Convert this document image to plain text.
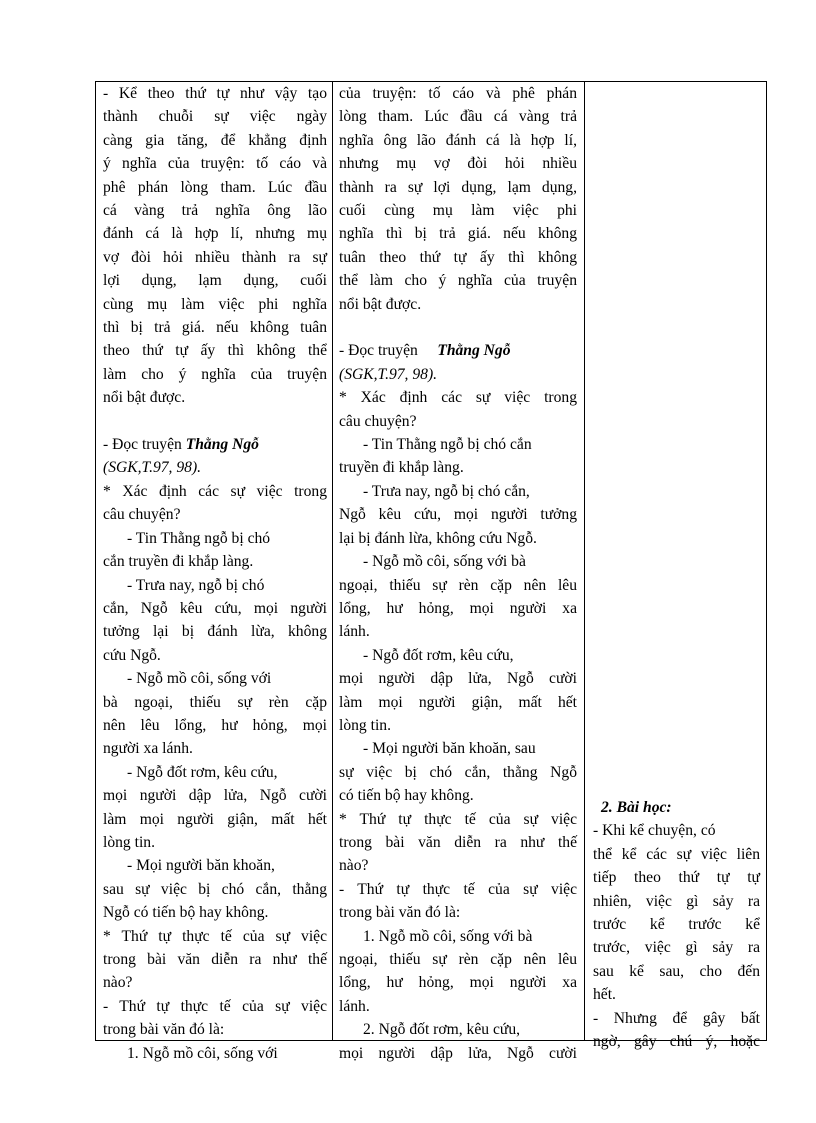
- Kể theo thứ tự như vậy tạo
thành chuỗi sự việc ngày
càng gia tăng, để khẳng định
ý nghĩa của truyện: tố cáo và
phê phán lòng tham. Lúc đầu
cá vàng trả nghĩa ông lão
đánh cá là hợp lí, nhưng mụ
vợ đòi hỏi nhiều thành ra sự
lợi dụng, lạm dụng, cuối
cùng mụ làm việc phi nghĩa
thì bị trả giá. nếu không tuân
theo thứ tự ấy thì không thể
làm cho ý nghĩa của truyện
nổi bật được.
- Đọc truyện Thằng Ngỗ
(SGK,T.97, 98).
* Xác định các sự việc trong
câu chuyện?
- Tin Thằng ngỗ bị chó
cắn truyền đi khắp làng.
- Trưa nay, ngỗ bị chó
cắn, Ngỗ kêu cứu, mọi người
tưởng lại bị đánh lừa, không
cứu Ngỗ.
- Ngỗ mồ côi, sống với
bà ngoại, thiếu sự rèn cặp
nên lêu lổng, hư hỏng, mọi
người xa lánh.
- Ngỗ đốt rơm, kêu cứu,
mọi người dập lửa, Ngỗ cười
làm mọi người giận, mất hết
lòng tin.
- Mọi người băn khoăn,
sau sự việc bị chó cắn, thằng
Ngỗ có tiến bộ hay không.
* Thứ tự thực tế của sự việc
trong bài văn diễn ra như thế
nào?
- Thứ tự thực tế của sự việc
trong bài văn đó là:
1. Ngỗ mồ côi, sống với
của truyện: tố cáo và phê phán
lòng tham. Lúc đầu cá vàng trả
nghĩa ông lão đánh cá là hợp lí,
nhưng mụ vợ đòi hỏi nhiều
thành ra sự lợi dụng, lạm dụng,
cuối cùng mụ làm việc phi
nghĩa thì bị trả giá. nếu không
tuân theo thứ tự ấy thì không
thể làm cho ý nghĩa của truyện
nổi bật được.
- Đọc truyện     Thằng Ngỗ
(SGK,T.97, 98).
* Xác định các sự việc trong
câu chuyện?
- Tin Thằng ngỗ bị chó cắn
truyền đi khắp làng.
- Trưa nay, ngỗ bị chó cắn,
Ngỗ kêu cứu, mọi người tưởng
lại bị đánh lừa, không cứu Ngỗ.
- Ngỗ mồ côi, sống với bà
ngoại, thiếu sự rèn cặp nên lêu
lổng, hư hỏng, mọi người xa
lánh.
- Ngỗ đốt rơm, kêu cứu,
mọi người dập lửa, Ngỗ cười
làm mọi người giận, mất hết
lòng tin.
- Mọi người băn khoăn, sau
sự việc bị chó cắn, thằng Ngỗ
có tiến bộ hay không.
* Thứ tự thực tế của sự việc
trong bài văn diễn ra như thế
nào?
- Thứ tự thực tế của sự việc
trong bài văn đó là:
1. Ngỗ mồ côi, sống với bà
ngoại, thiếu sự rèn cặp nên lêu
lổng, hư hỏng, mọi người xa
lánh.
2. Ngỗ đốt rơm, kêu cứu,
mọi người dập lửa, Ngỗ cười
2. Bài học:
- Khi kể chuyện, có
thể kể các sự việc liên
tiếp theo thứ tự tự
nhiên, việc gì sảy ra
trước kể trước kể
trước, việc gì sảy ra
sau kể sau, cho đến
hết.
- Nhưng để gây bất
ngờ, gây chú ý, hoặc
